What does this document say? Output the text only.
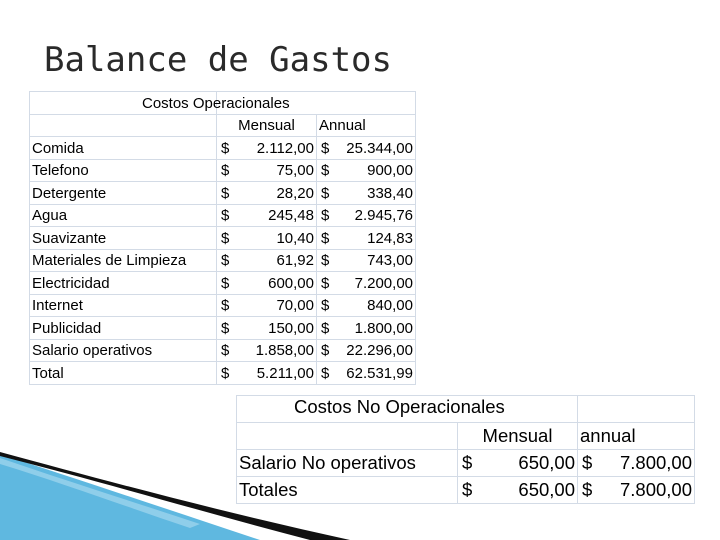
Balance de Gastos

	Costos Operacionales	

	Mensual	Annual
Comida	$ 2.112,00	$ 25.344,00

Telefono	$ 75,00	$ 900,00

Detergente	$ 28,20	$ 338,40

Agua	$ 245,48	$ 2.945,76

Suavizante	$ 10,40	$ 124,83

Materiales de Limpieza	$ 61,92	$ 743,00

Electricidad	$ 600,00	$ 7.200,00

Internet	$ 70,00	$ 840,00

Publicidad	$ 150,00	$ 1.800,00

Salario operativos	$ 1.858,00	$ 22.296,00

Total	$ 5.211,00	$ 62.531,99
Costos No Operacionales		

	Mensual	annual
Salario No operativos	$ 650,00	$ 7.800,00

Totales	$ 650,00	$ 7.800,00
